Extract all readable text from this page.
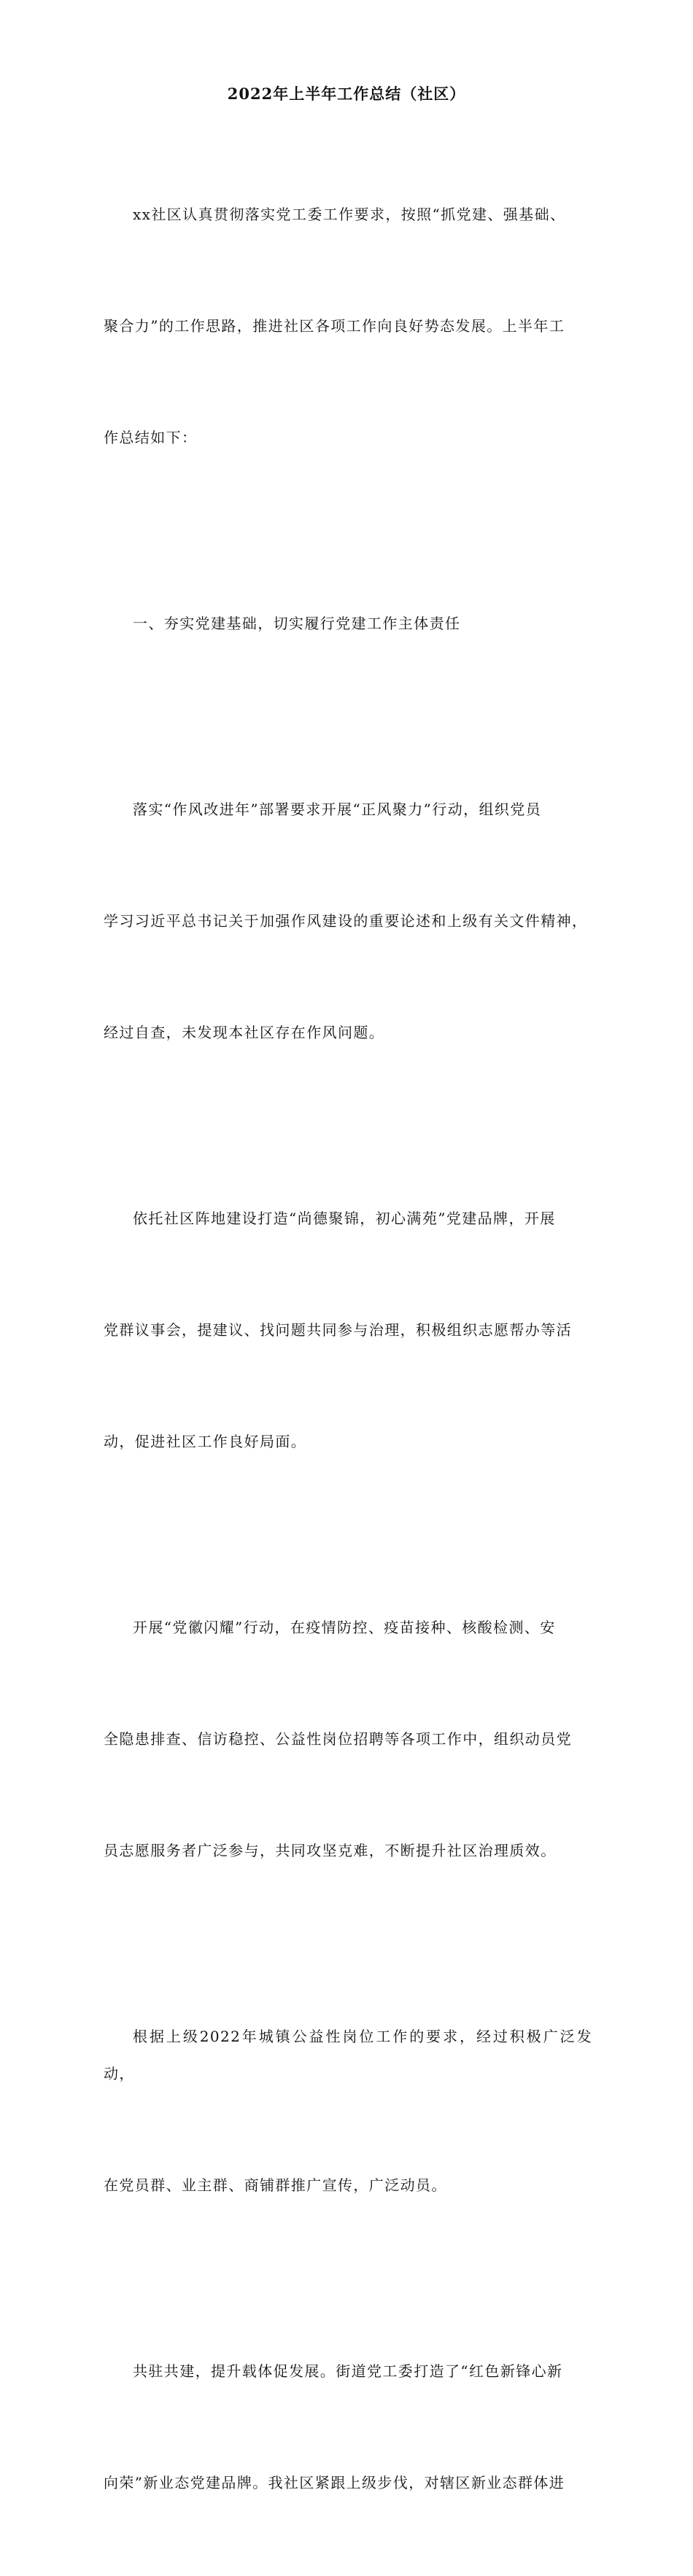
2022年上半年工作总结（社区）

xx社区认真贯彻落实党工委工作要求，按照“抓党建、强基础、

聚合力”的工作思路，推进社区各项工作向良好势态发展。上半年工

作总结如下：

一、夯实党建基础，切实履行党建工作主体责任

落实“作风改进年”部署要求开展“正风聚力”行动，组织党员

学习习近平总书记关于加强作风建设的重要论述和上级有关文件精神，

经过自查，未发现本社区存在作风问题。

依托社区阵地建设打造“尚德聚锦，初心满苑”党建品牌，开展

党群议事会，提建议、找问题共同参与治理，积极组织志愿帮办等活

动，促进社区工作良好局面。

开展“党徽闪耀”行动，在疫情防控、疫苗接种、核酸检测、安

全隐患排查、信访稳控、公益性岗位招聘等各项工作中，组织动员党

员志愿服务者广泛参与，共同攻坚克难，不断提升社区治理质效。

根据上级2022年城镇公益性岗位工作的要求，经过积极广泛发动，

在党员群、业主群、商铺群推广宣传，广泛动员。

共驻共建，提升载体促发展。街道党工委打造了“红色新锋心新

向荣”新业态党建品牌。我社区紧跟上级步伐，对辖区新业态群体进
